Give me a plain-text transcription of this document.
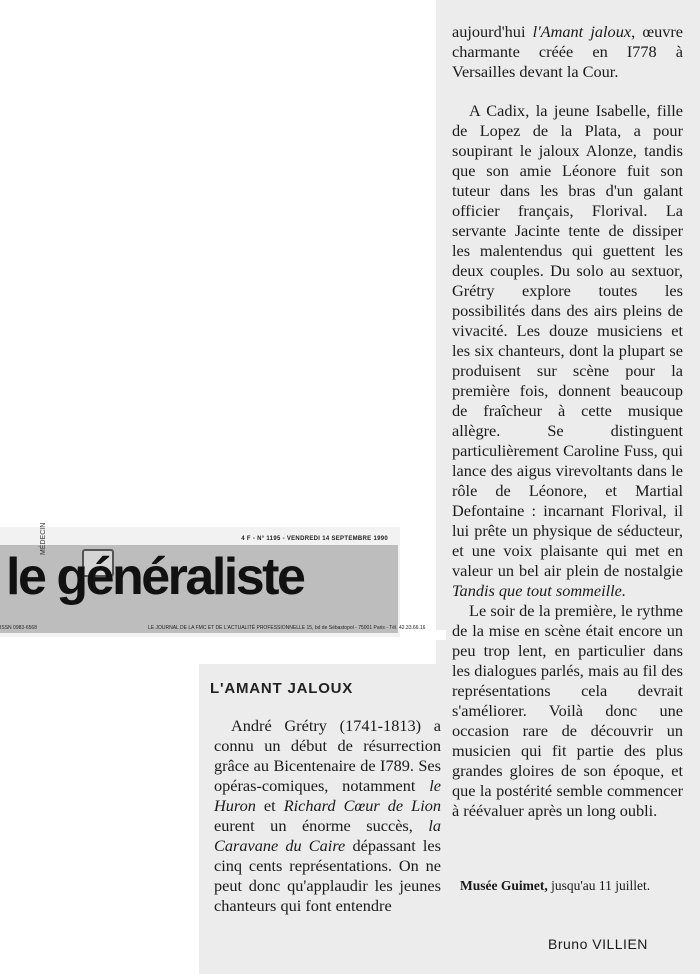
4 F - N° 1195 - VENDREDI 14 SEPTEMBRE 1990
MÉDECIN
le généraliste
ISSN 0983-6568	LE JOURNAL DE LA FMC ET DE L'ACTUALITÉ PROFESSIONNELLE 15, bd de Sébastopol - 75001 Paris - Tél. 42.33.66.16
L'AMANT JALOUX

André Grétry (1741-1813) a connu un début de résurrection grâce au Bicentenaire de I789. Ses opéras-comiques, notamment le Huron et Richard Cœur de Lion eurent un énorme succès, la Caravane du Caire dépassant les cinq cents représentations. On ne peut donc qu'applaudir les jeunes chanteurs qui font entendre

aujourd'hui l'Amant jaloux, œuvre charmante créée en I778 à Versailles devant la Cour.

A Cadix, la jeune Isabelle, fille de Lopez de la Plata, a pour soupirant le jaloux Alonze, tandis que son amie Léonore fuit son tuteur dans les bras d'un galant officier français, Florival. La servante Jacinte tente de dissiper les malentendus qui guettent les deux couples. Du solo au sextuor, Grétry explore toutes les possibilités dans des airs pleins de vivacité. Les douze musiciens et les six chanteurs, dont la plupart se produisent sur scène pour la première fois, donnent beaucoup de fraîcheur à cette musique allègre. Se distinguent particulièrement Caroline Fuss, qui lance des aigus virevoltants dans le rôle de Léonore, et Martial Defontaine : incarnant Florival, il lui prête un physique de séducteur, et une voix plaisante qui met en valeur un bel air plein de nostalgie Tandis que tout sommeille.

Le soir de la première, le rythme de la mise en scène était encore un peu trop lent, en particulier dans les dialogues parlés, mais au fil des représentations cela devrait s'améliorer. Voilà donc une occasion rare de découvrir un musicien qui fit partie des plus grandes gloires de son époque, et que la postérité semble commencer à réévaluer après un long oubli.

Musée Guimet, jusqu'au 11 juillet.
Bruno VILLIEN
